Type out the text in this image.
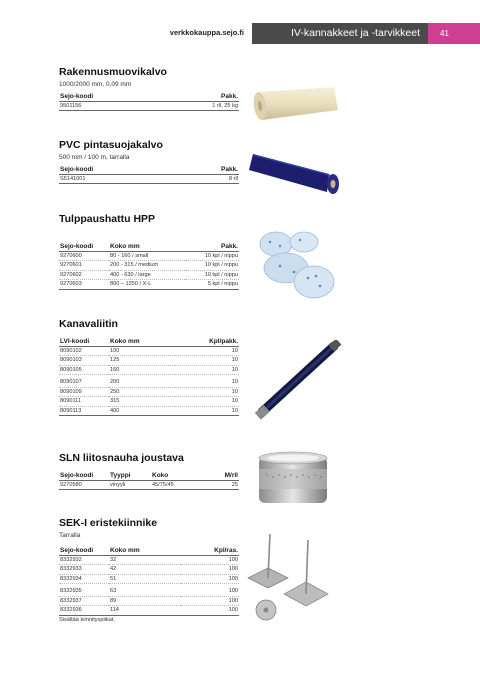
verkkokauppa.sejo.fi	IV-kannakkeet ja -tarvikkeet	41
Rakennusmuovikalvo
1000/2000 mm, 0,09 mm
Sejo-koodi	Pakk.
9501156	1 rll, 25 kg
PVC pintasuojakalvo
500 mm / 100 m, tarralla
Sejo-koodi	Pakk.
S5141001	8 rll
Tulppaushattu HPP
Sejo-koodi	Koko mm	Pakk.
9270600	80 - 160 / small	10 kpl / nippu
9270601	200 - 315 / medium	10 kpl / nippu
9270602	400 - 630 / large	10 kpl / nippu
9270603	800 – 1250 / X-L	5 kpl / nippu
Kanavaliitin
LVI-koodi	Koko mm	Kpl/pakk.
8090102	100	10
8090103	125	10
8090105	160	10
8090107	200	10
8090109	250	10
8090111	315	10
8090113	400	10
SLN liitosnauha joustava
Sejo-koodi	Tyyppi	Koko	M/rll
9270580	vinyyli	45/75/45	25
SEK-I eristekiinnike
Tarralla
Sejo-koodi	Koko mm	Kpl/ras.
8332932	32	100
8332933	42	100
8332934	51	100
8332935	63	100
8332937	89	100
8332936	114	100
Sisältää kiinnityspiikat.
